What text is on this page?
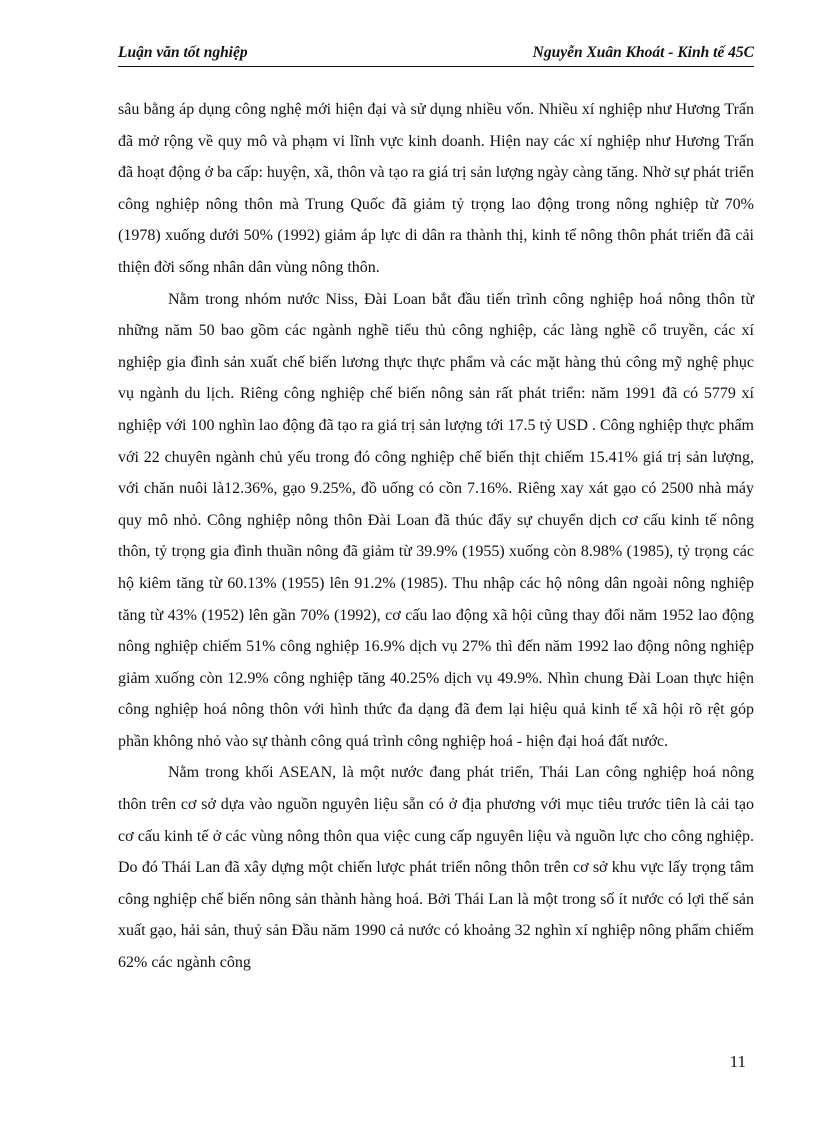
Luận văn tốt nghiệp	Nguyễn Xuân Khoát - Kinh tế 45C

sâu bằng áp dụng công nghệ mới hiện đại và sử dụng nhiều vốn. Nhiều xí nghiệp như Hương Trấn đã mở rộng về quy mô và phạm vi lĩnh vực kinh doanh. Hiện nay các xí nghiệp như Hương Trấn đã hoạt động ở ba cấp: huyện, xã, thôn và tạo ra giá trị sản lượng ngày càng tăng. Nhờ sự phát triển công nghiệp nông thôn mà Trung Quốc đã giảm tỷ trọng lao động trong nông nghiệp từ 70% (1978) xuống dưới 50% (1992) giảm áp lực di dân ra thành thị, kinh tế nông thôn phát triển đã cải thiện đời sống nhân dân vùng nông thôn.

Nằm trong nhóm nước Niss, Đài Loan bắt đầu tiến trình công nghiệp hoá nông thôn từ những năm 50 bao gồm các ngành nghề tiểu thủ công nghiệp, các làng nghề cổ truyền, các xí nghiệp gia đình sản xuất chế biến lương thực thực phẩm và các mặt hàng thủ công mỹ nghệ phục vụ ngành du lịch. Riêng công nghiệp chế biến nông sản rất phát triển: năm 1991 đã có 5779 xí nghiệp với 100 nghìn lao động đã tạo ra giá trị sản lượng tới 17.5 tỷ USD . Công nghiệp thực phẩm với 22 chuyên ngành chủ yếu trong đó công nghiệp chế biến thịt chiếm 15.41% giá trị sản lượng, với chăn nuôi là12.36%, gạo 9.25%, đồ uống có cồn 7.16%. Riêng xay xát gạo có 2500 nhà máy quy mô nhỏ. Công nghiệp nông thôn Đài Loan đã thúc đẩy sự chuyển dịch cơ cấu kinh tế nông thôn, tỷ trọng gia đình thuần nông đã giảm từ 39.9% (1955) xuống còn 8.98% (1985), tỷ trọng các hộ kiêm tăng từ 60.13% (1955) lên 91.2% (1985). Thu nhập các hộ nông dân ngoài nông nghiệp tăng từ 43% (1952) lên gần 70% (1992), cơ cấu lao động xã hội cũng thay đổi năm 1952 lao động nông nghiệp chiếm 51% công nghiệp 16.9% dịch vụ 27% thì đến năm 1992 lao động nông nghiệp giảm xuống còn 12.9% công nghiệp tăng 40.25% dịch vụ 49.9%. Nhìn chung Đài Loan thực hiện công nghiệp hoá nông thôn với hình thức đa dạng đã đem lại hiệu quả kinh tế xã hội rõ rệt góp phần không nhỏ vào sự thành công quá trình công nghiệp hoá - hiện đại hoá đất nước.

Nằm trong khối ASEAN, là một nước đang phát triển, Thái Lan công nghiệp hoá nông thôn trên cơ sở dựa vào nguồn nguyên liệu sẵn có ở địa phương với mục tiêu trước tiên là cải tạo cơ cấu kinh tế ở các vùng nông thôn qua việc cung cấp nguyên liệu và nguồn lực cho công nghiệp. Do đó Thái Lan đã xây dựng một chiến lược phát triển nông thôn trên cơ sở khu vực lấy trọng tâm công nghiệp chế biến nông sản thành hàng hoá. Bởi Thái Lan là một trong số ít nước có lợi thế sản xuất gạo, hải sản, thuỷ sản Đầu năm 1990 cả nước có khoảng 32 nghìn xí nghiệp nông phẩm chiếm 62% các ngành công

11
